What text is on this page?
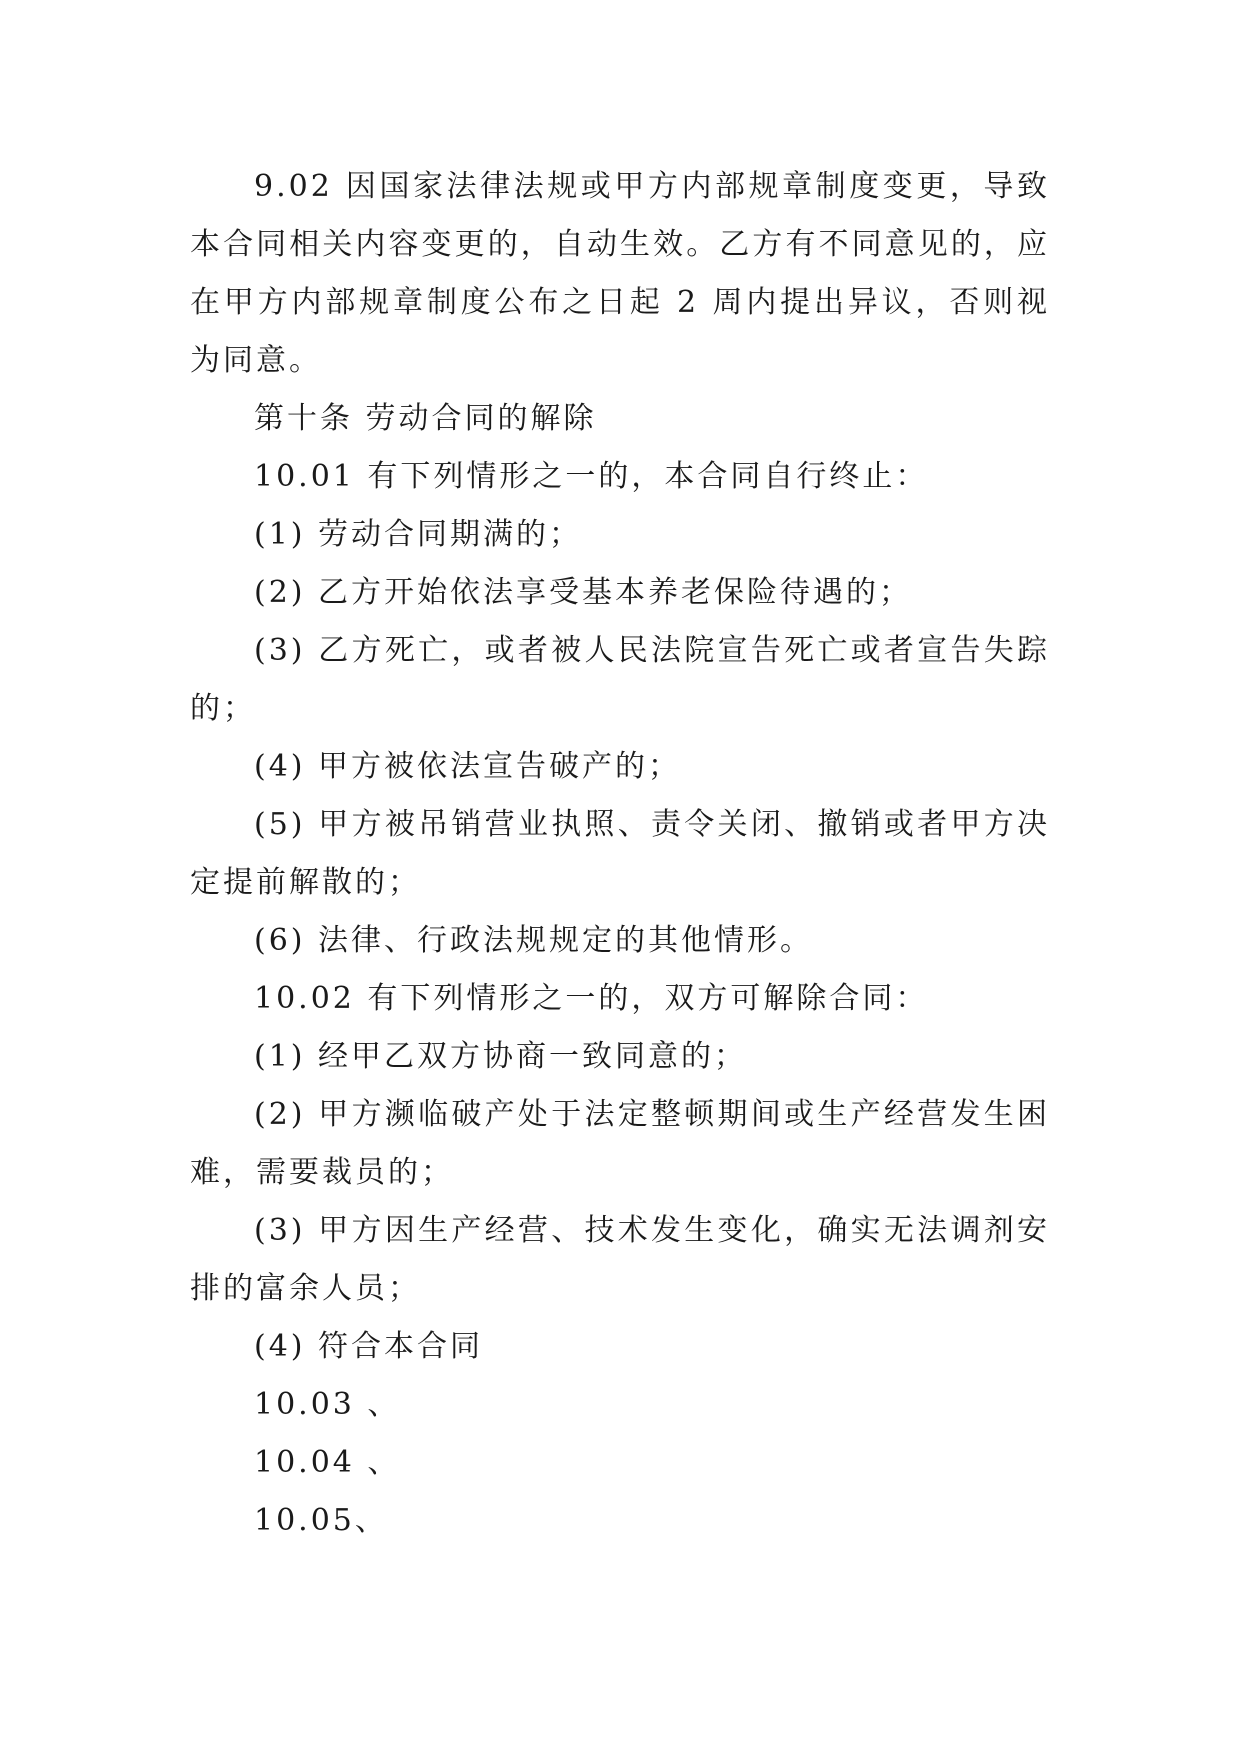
9.02 因国家法律法规或甲方内部规章制度变更，导致本合同相关内容变更的，自动生效。乙方有不同意见的，应在甲方内部规章制度公布之日起 2 周内提出异议，否则视为同意。

第十条 劳动合同的解除

10.01 有下列情形之一的，本合同自行终止：

(1) 劳动合同期满的；

(2) 乙方开始依法享受基本养老保险待遇的；

(3) 乙方死亡，或者被人民法院宣告死亡或者宣告失踪的；

(4) 甲方被依法宣告破产的；

(5) 甲方被吊销营业执照、责令关闭、撤销或者甲方决定提前解散的；

(6) 法律、行政法规规定的其他情形。

10.02 有下列情形之一的，双方可解除合同：

(1) 经甲乙双方协商一致同意的；

(2) 甲方濒临破产处于法定整顿期间或生产经营发生困难，需要裁员的；

(3) 甲方因生产经营、技术发生变化，确实无法调剂安排的富余人员；

(4) 符合本合同

10.03 、

10.04 、

10.05、
